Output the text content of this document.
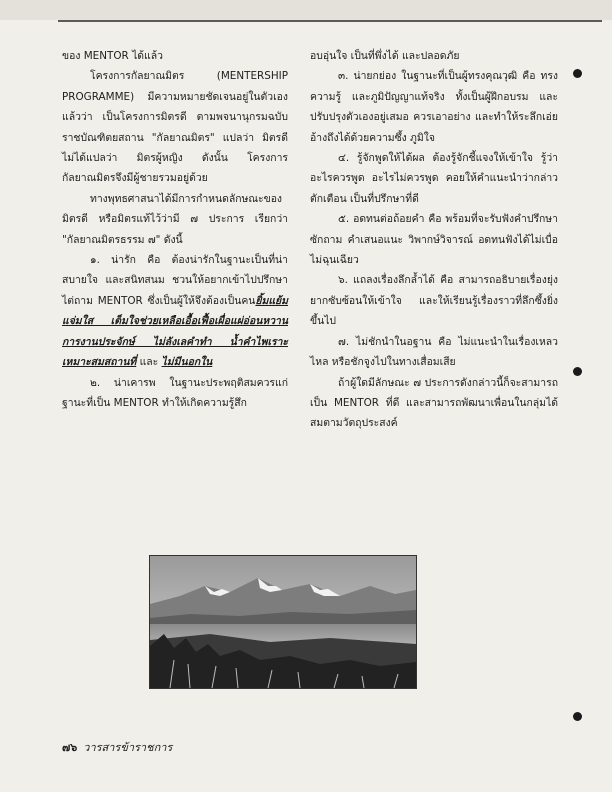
ของ MENTOR ได้แล้ว

โครงการกัลยาณมิตร (MENTERSHIP PROGRAMME) มีความหมายชัดเจนอยู่ในตัวเองแล้วว่า เป็นโครงการมิตรดี ตามพจนานุกรมฉบับราชบัณฑิตยสถาน "กัลยาณมิตร" แปลว่า มิตรดี ไม่ได้แปลว่า มิตรผู้หญิง ดังนั้น โครงการกัลยาณมิตรจึงมีผู้ชายรวมอยู่ด้วย

ทางพุทธศาสนาได้มีการกำหนดลักษณะของมิตรดี หรือมิตรแท้ไว้ว่ามี ๗ ประการ เรียกว่า "กัลยาณมิตรธรรม ๗" ดังนี้

๑. น่ารัก คือ ต้องน่ารักในฐานะเป็นที่น่าสบายใจ และสนิทสนม ชวนให้อยากเข้าไปปรึกษาไต่ถาม MENTOR ซึ่งเป็นผู้ให้จึงต้องเป็นคนยิ้มแย้มแจ่มใส เต็มใจช่วยเหลือเอื้อเฟื้อเผื่อแผ่อ่อนหวาน การงานประจักษ์ ไม่ลังเลคำทำ น้ำคำไพเราะ เหมาะสมสถานที่ และ ไม่มีนอกใน

๒. น่าเคารพ ในฐานะประพฤติสมควรแก่ฐานะที่เป็น MENTOR ทำให้เกิดความรู้สึก

อบอุ่นใจ เป็นที่พึ่งได้ และปลอดภัย

๓. น่ายกย่อง ในฐานะที่เป็นผู้ทรงคุณวุฒิ คือ ทรงความรู้ และภูมิปัญญาแท้จริง ทั้งเป็นผู้ฝึกอบรม และปรับปรุงตัวเองอยู่เสมอ ควรเอาอย่าง และทำให้ระลึกเอ่ยอ้างถึงได้ด้วยความซึ้ง ภูมิใจ

๔. รู้จักพูดให้ได้ผล ต้องรู้จักชี้แจงให้เข้าใจ รู้ว่าอะไรควรพูด อะไรไม่ควรพูด คอยให้คำแนะนำว่ากล่าวตักเตือน เป็นที่ปรึกษาที่ดี

๕. อดทนต่อถ้อยคำ คือ พร้อมที่จะรับฟังคำปรึกษา ซักถาม คำเสนอแนะ วิพากษ์วิจารณ์ อดทนฟังได้ไม่เบื่อ ไม่ฉุนเฉียว

๖. แถลงเรื่องลึกล้ำได้ คือ สามารถอธิบายเรื่องยุ่งยากซับซ้อนให้เข้าใจ และให้เรียนรู้เรื่องราวที่ลึกซึ้งยิ่งขึ้นไป

๗. ไม่ชักนำในอฐาน คือ ไม่แนะนำในเรื่องเหลวไหล หรือชักจูงไปในทางเสื่อมเสีย

ถ้าผู้ใดมีลักษณะ ๗ ประการดังกล่าวนี้ก็จะสามารถเป็น MENTOR ที่ดี และสามารถพัฒนาเพื่อนในกลุ่มได้สมตามวัตถุประสงค์

๗๖ วารสารข้าราชการ
